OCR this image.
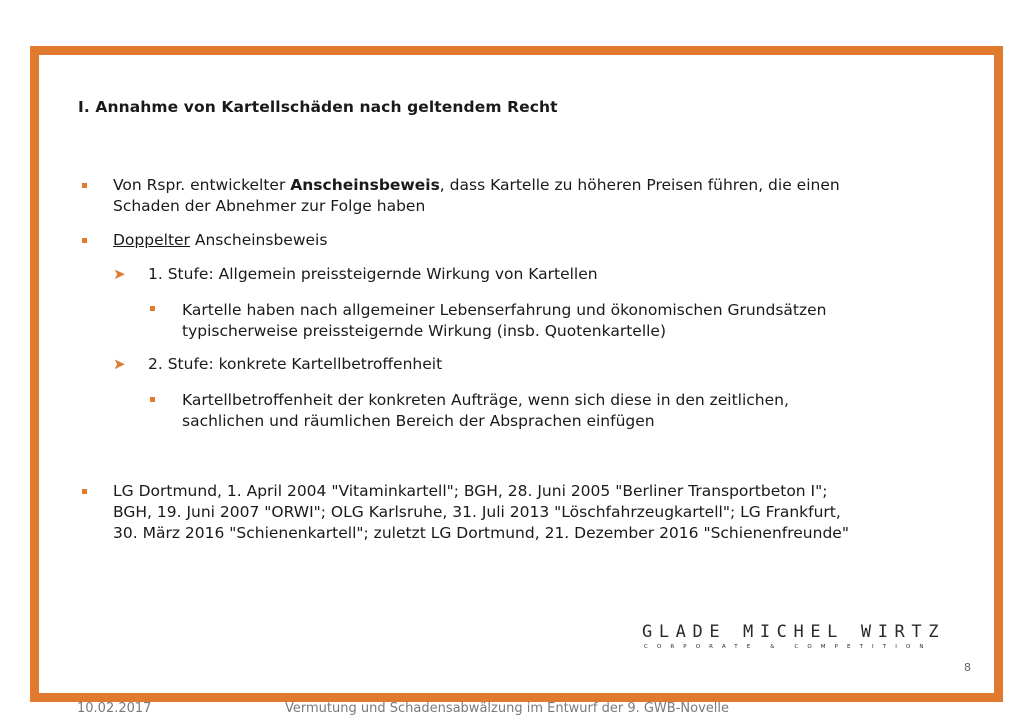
I. Annahme von Kartellschäden nach geltendem Recht
Von Rspr. entwickelter Anscheinsbeweis, dass Kartelle zu höheren Preisen führen, die einen
Schaden der Abnehmer zur Folge haben
Doppelter Anscheinsbeweis
➤ 1. Stufe: Allgemein preissteigernde Wirkung von Kartellen
Kartelle haben nach allgemeiner Lebenserfahrung und ökonomischen Grundsätzen
typischerweise preissteigernde Wirkung (insb. Quotenkartelle)
➤ 2. Stufe: konkrete Kartellbetroffenheit
Kartellbetroffenheit der konkreten Aufträge, wenn sich diese in den zeitlichen,
sachlichen und räumlichen Bereich der Absprachen einfügen
LG Dortmund, 1. April 2004 "Vitaminkartell"; BGH, 28. Juni 2005 "Berliner Transportbeton I";
BGH, 19. Juni 2007 "ORWI"; OLG Karlsruhe, 31. Juli 2013 "Löschfahrzeugkartell"; LG Frankfurt,
30. März 2016 "Schienenkartell"; zuletzt LG Dortmund, 21. Dezember 2016 "Schienenfreunde"
GLADE MICHEL WIRTZ
CORPORATE & COMPETITION
8
10.02.2017	Vermutung und Schadensabwälzung im Entwurf der 9. GWB-Novelle
